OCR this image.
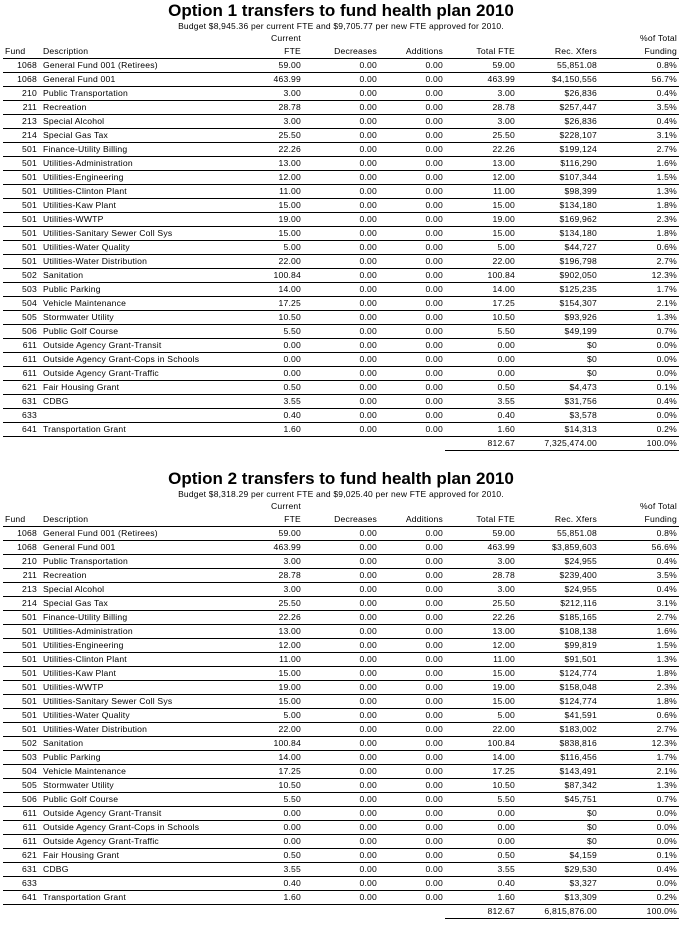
Option 1 transfers to fund health plan 2010
Budget $8,945.36 per current FTE and $9,705.77 per new FTE approved for 2010.
		Current					%of Total
Fund	Description	FTE	Decreases	Additions	Total FTE	Rec. Xfers	Funding
1068	General Fund 001 (Retirees)	59.00	0.00	0.00	59.00	55,851.08	0.8%
1068	General Fund 001	463.99	0.00	0.00	463.99	$4,150,556	56.7%
210	Public Transportation	3.00	0.00	0.00	3.00	$26,836	0.4%
211	Recreation	28.78	0.00	0.00	28.78	$257,447	3.5%
213	Special Alcohol	3.00	0.00	0.00	3.00	$26,836	0.4%
214	Special Gas Tax	25.50	0.00	0.00	25.50	$228,107	3.1%
501	Finance-Utility Billing	22.26	0.00	0.00	22.26	$199,124	2.7%
501	Utilities-Administration	13.00	0.00	0.00	13.00	$116,290	1.6%
501	Utilities-Engineering	12.00	0.00	0.00	12.00	$107,344	1.5%
501	Utilities-Clinton Plant	11.00	0.00	0.00	11.00	$98,399	1.3%
501	Utilities-Kaw Plant	15.00	0.00	0.00	15.00	$134,180	1.8%
501	Utilities-WWTP	19.00	0.00	0.00	19.00	$169,962	2.3%
501	Utilities-Sanitary Sewer Coll Sys	15.00	0.00	0.00	15.00	$134,180	1.8%
501	Utilities-Water Quality	5.00	0.00	0.00	5.00	$44,727	0.6%
501	Utilities-Water Distribution	22.00	0.00	0.00	22.00	$196,798	2.7%
502	Sanitation	100.84	0.00	0.00	100.84	$902,050	12.3%
503	Public Parking	14.00	0.00	0.00	14.00	$125,235	1.7%
504	Vehicle Maintenance	17.25	0.00	0.00	17.25	$154,307	2.1%
505	Stormwater Utility	10.50	0.00	0.00	10.50	$93,926	1.3%
506	Public Golf Course	5.50	0.00	0.00	5.50	$49,199	0.7%
611	Outside Agency Grant-Transit	0.00	0.00	0.00	0.00	$0	0.0%
611	Outside Agency Grant-Cops in Schools	0.00	0.00	0.00	0.00	$0	0.0%
611	Outside Agency Grant-Traffic	0.00	0.00	0.00	0.00	$0	0.0%
621	Fair Housing Grant	0.50	0.00	0.00	0.50	$4,473	0.1%
631	CDBG	3.55	0.00	0.00	3.55	$31,756	0.4%
633		0.40	0.00	0.00	0.40	$3,578	0.0%
641	Transportation Grant	1.60	0.00	0.00	1.60	$14,313	0.2%
					812.67	7,325,474.00	100.0%
Option 2 transfers to fund health plan 2010
Budget $8,318.29 per current FTE and $9,025.40 per new FTE approved for 2010.
		Current					%of Total
Fund	Description	FTE	Decreases	Additions	Total FTE	Rec. Xfers	Funding
1068	General Fund 001 (Retirees)	59.00	0.00	0.00	59.00	55,851.08	0.8%
1068	General Fund 001	463.99	0.00	0.00	463.99	$3,859,603	56.6%
210	Public Transportation	3.00	0.00	0.00	3.00	$24,955	0.4%
211	Recreation	28.78	0.00	0.00	28.78	$239,400	3.5%
213	Special Alcohol	3.00	0.00	0.00	3.00	$24,955	0.4%
214	Special Gas Tax	25.50	0.00	0.00	25.50	$212,116	3.1%
501	Finance-Utility Billing	22.26	0.00	0.00	22.26	$185,165	2.7%
501	Utilities-Administration	13.00	0.00	0.00	13.00	$108,138	1.6%
501	Utilities-Engineering	12.00	0.00	0.00	12.00	$99,819	1.5%
501	Utilities-Clinton Plant	11.00	0.00	0.00	11.00	$91,501	1.3%
501	Utilities-Kaw Plant	15.00	0.00	0.00	15.00	$124,774	1.8%
501	Utilities-WWTP	19.00	0.00	0.00	19.00	$158,048	2.3%
501	Utilities-Sanitary Sewer Coll Sys	15.00	0.00	0.00	15.00	$124,774	1.8%
501	Utilities-Water Quality	5.00	0.00	0.00	5.00	$41,591	0.6%
501	Utilities-Water Distribution	22.00	0.00	0.00	22.00	$183,002	2.7%
502	Sanitation	100.84	0.00	0.00	100.84	$838,816	12.3%
503	Public Parking	14.00	0.00	0.00	14.00	$116,456	1.7%
504	Vehicle Maintenance	17.25	0.00	0.00	17.25	$143,491	2.1%
505	Stormwater Utility	10.50	0.00	0.00	10.50	$87,342	1.3%
506	Public Golf Course	5.50	0.00	0.00	5.50	$45,751	0.7%
611	Outside Agency Grant-Transit	0.00	0.00	0.00	0.00	$0	0.0%
611	Outside Agency Grant-Cops in Schools	0.00	0.00	0.00	0.00	$0	0.0%
611	Outside Agency Grant-Traffic	0.00	0.00	0.00	0.00	$0	0.0%
621	Fair Housing Grant	0.50	0.00	0.00	0.50	$4,159	0.1%
631	CDBG	3.55	0.00	0.00	3.55	$29,530	0.4%
633		0.40	0.00	0.00	0.40	$3,327	0.0%
641	Transportation Grant	1.60	0.00	0.00	1.60	$13,309	0.2%
					812.67	6,815,876.00	100.0%
